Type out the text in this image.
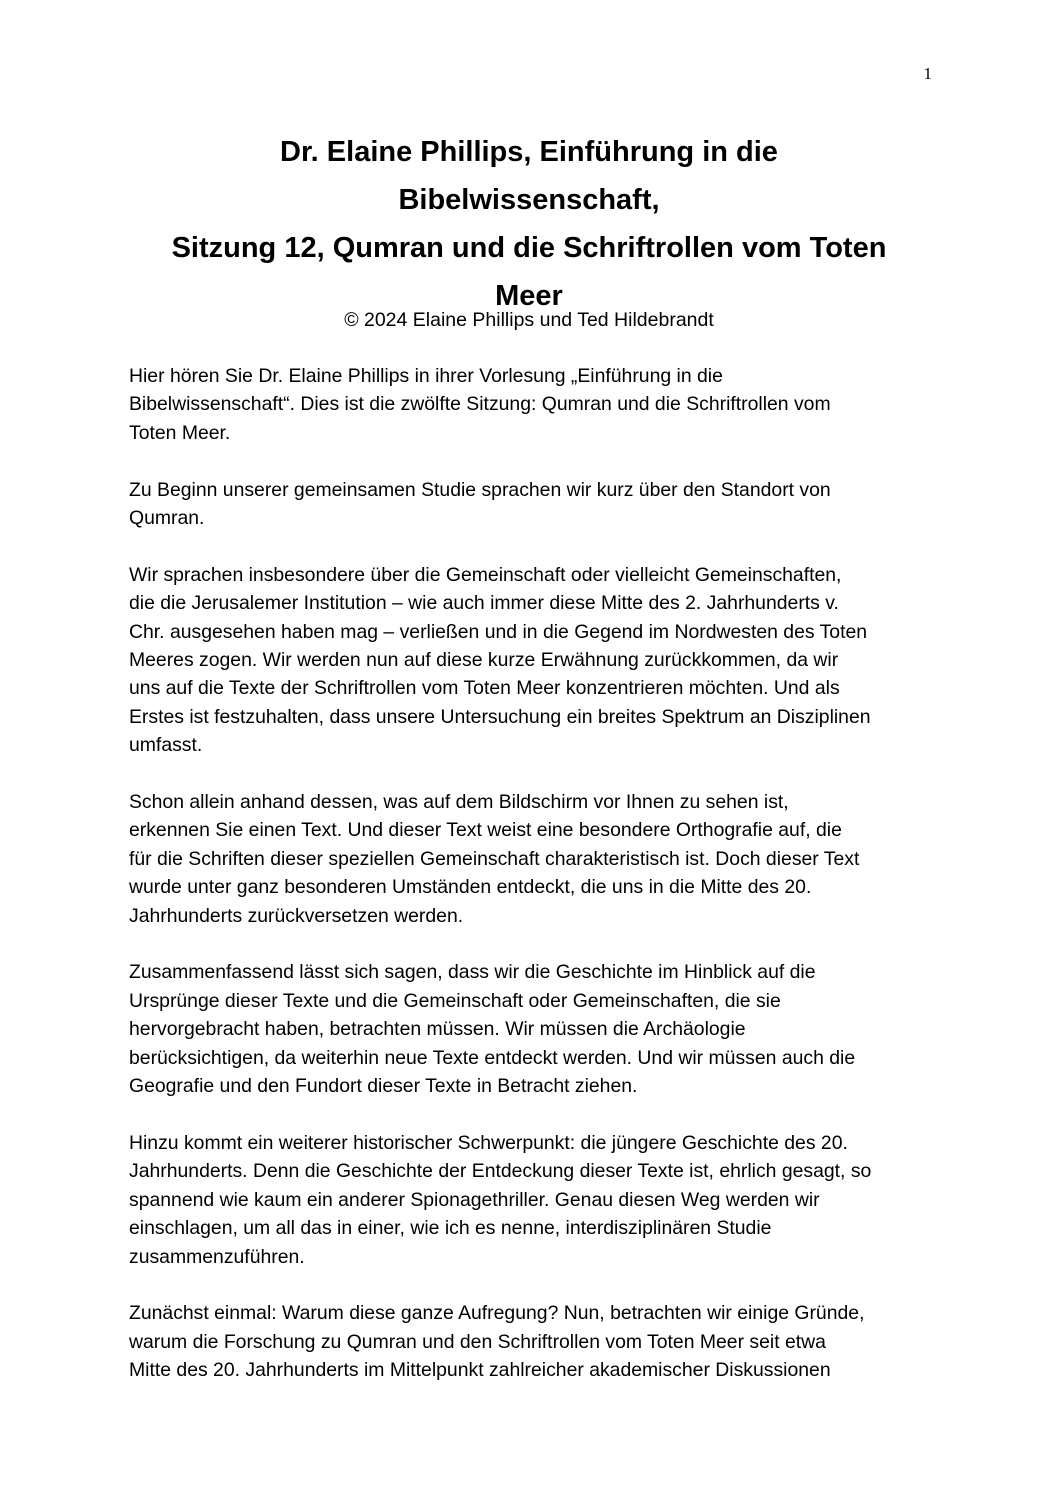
1
Dr. Elaine Phillips, Einführung in die
Bibelwissenschaft,
Sitzung 12, Qumran und die Schriftrollen vom Toten
Meer
© 2024 Elaine Phillips und Ted Hildebrandt

Hier hören Sie Dr. Elaine Phillips in ihrer Vorlesung „Einführung in die
Bibelwissenschaft“. Dies ist die zwölfte Sitzung: Qumran und die Schriftrollen vom
Toten Meer.

Zu Beginn unserer gemeinsamen Studie sprachen wir kurz über den Standort von
Qumran.

Wir sprachen insbesondere über die Gemeinschaft oder vielleicht Gemeinschaften,
die die Jerusalemer Institution – wie auch immer diese Mitte des 2. Jahrhunderts v.
Chr. ausgesehen haben mag – verließen und in die Gegend im Nordwesten des Toten
Meeres zogen. Wir werden nun auf diese kurze Erwähnung zurückkommen, da wir
uns auf die Texte der Schriftrollen vom Toten Meer konzentrieren möchten. Und als
Erstes ist festzuhalten, dass unsere Untersuchung ein breites Spektrum an Disziplinen
umfasst.

Schon allein anhand dessen, was auf dem Bildschirm vor Ihnen zu sehen ist,
erkennen Sie einen Text. Und dieser Text weist eine besondere Orthografie auf, die
für die Schriften dieser speziellen Gemeinschaft charakteristisch ist. Doch dieser Text
wurde unter ganz besonderen Umständen entdeckt, die uns in die Mitte des 20.
Jahrhunderts zurückversetzen werden.

Zusammenfassend lässt sich sagen, dass wir die Geschichte im Hinblick auf die
Ursprünge dieser Texte und die Gemeinschaft oder Gemeinschaften, die sie
hervorgebracht haben, betrachten müssen. Wir müssen die Archäologie
berücksichtigen, da weiterhin neue Texte entdeckt werden. Und wir müssen auch die
Geografie und den Fundort dieser Texte in Betracht ziehen.

Hinzu kommt ein weiterer historischer Schwerpunkt: die jüngere Geschichte des 20.
Jahrhunderts. Denn die Geschichte der Entdeckung dieser Texte ist, ehrlich gesagt, so
spannend wie kaum ein anderer Spionagethriller. Genau diesen Weg werden wir
einschlagen, um all das in einer, wie ich es nenne, interdisziplinären Studie
zusammenzuführen.

Zunächst einmal: Warum diese ganze Aufregung? Nun, betrachten wir einige Gründe,
warum die Forschung zu Qumran und den Schriftrollen vom Toten Meer seit etwa
Mitte des 20. Jahrhunderts im Mittelpunkt zahlreicher akademischer Diskussionen
